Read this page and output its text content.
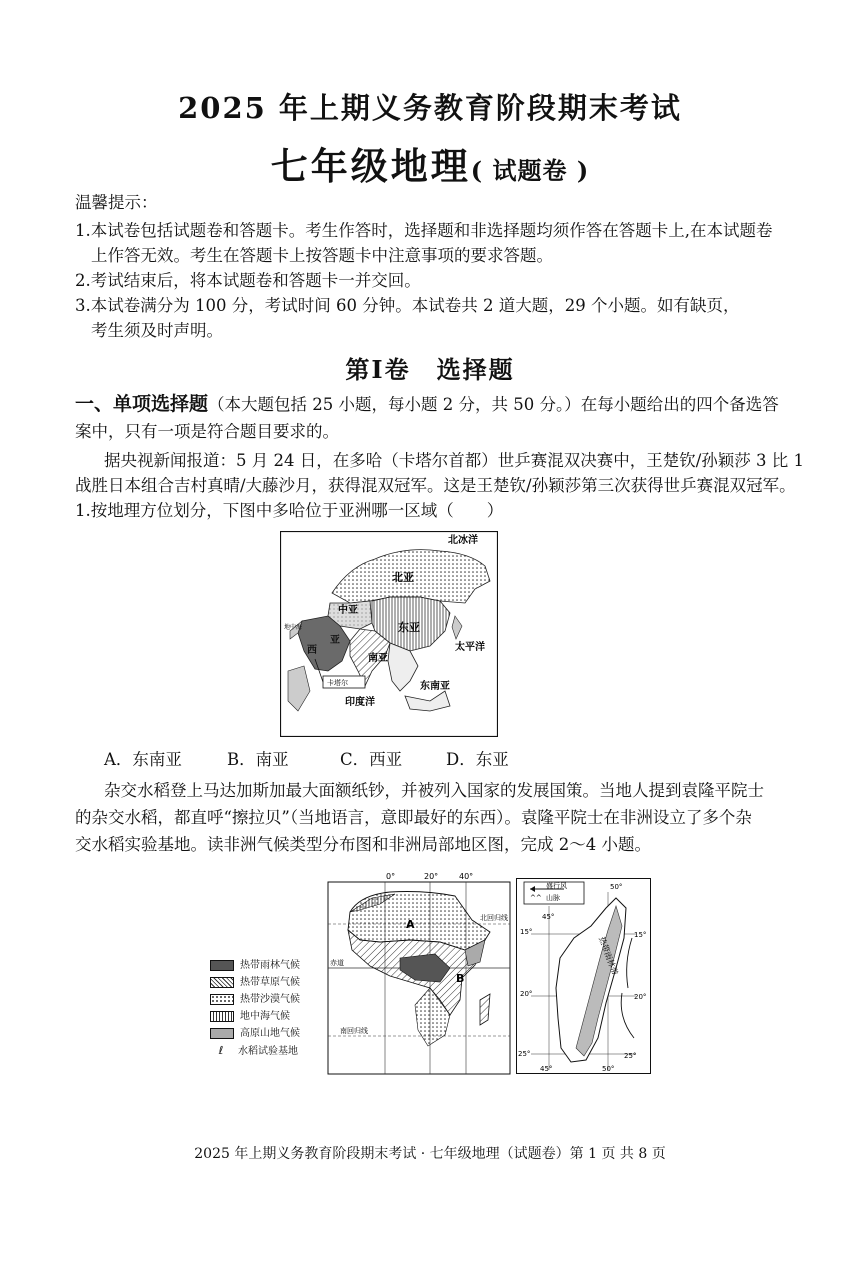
2025 年上期义务教育阶段期末考试
七年级地理( 试题卷 )
温馨提示：
1.本试卷包括试题卷和答题卡。考生作答时，选择题和非选择题均须作答在答题卡上,在本试题卷
上作答无效。考生在答题卡上按答题卡中注意事项的要求答题。
2.考试结束后，将本试题卷和答题卡一并交回。
3.本试卷满分为 100 分，考试时间 60 分钟。本试卷共 2 道大题，29 个小题。如有缺页，
考生须及时声明。
第Ⅰ卷　选择题
一、单项选择题（本大题包括 25 小题，每小题 2 分，共 50 分。）在每小题给出的四个备选答
案中，只有一项是符合题目要求的。
据央视新闻报道：5 月 24 日，在多哈（卡塔尔首都）世乒赛混双决赛中，王楚钦/孙颖莎 3 比 1
战胜日本组合吉村真晴/大藤沙月，获得混双冠军。这是王楚钦/孙颖莎第三次获得世乒赛混双冠军。
1.按地理方位划分，下图中多哈位于亚洲哪一区域（　　）
北冰洋
北亚
中亚
东亚
西
亚
南亚
东南亚
太平洋
印度洋
地中海
卡塔尔
A．东南亚	B．南亚	C．西亚	D．东亚
杂交水稻登上马达加斯加最大面额纸钞，并被列入国家的发展国策。当地人提到袁隆平院士
的杂交水稻，都直呼“擦拉贝”（当地语言，意即最好的东西）。袁隆平院士在非洲设立了多个杂
交水稻实验基地。读非洲气候类型分布图和非洲局部地区图，完成 2～4 小题。
0°	20°	40°
北回归线
赤道
南回归线
A
B
热带雨林气候
热带草原气候
热带沙漠气候
地中海气候
高原山地气候
ℓ 水稻试验基地
盛行风
^^ 山脉
热带雨林带
50°
45°
15°	15°
20°	20°
25°	25°
45°	50°
2025 年上期义务教育阶段期末考试 · 七年级地理（试题卷）第 1 页 共 8 页
